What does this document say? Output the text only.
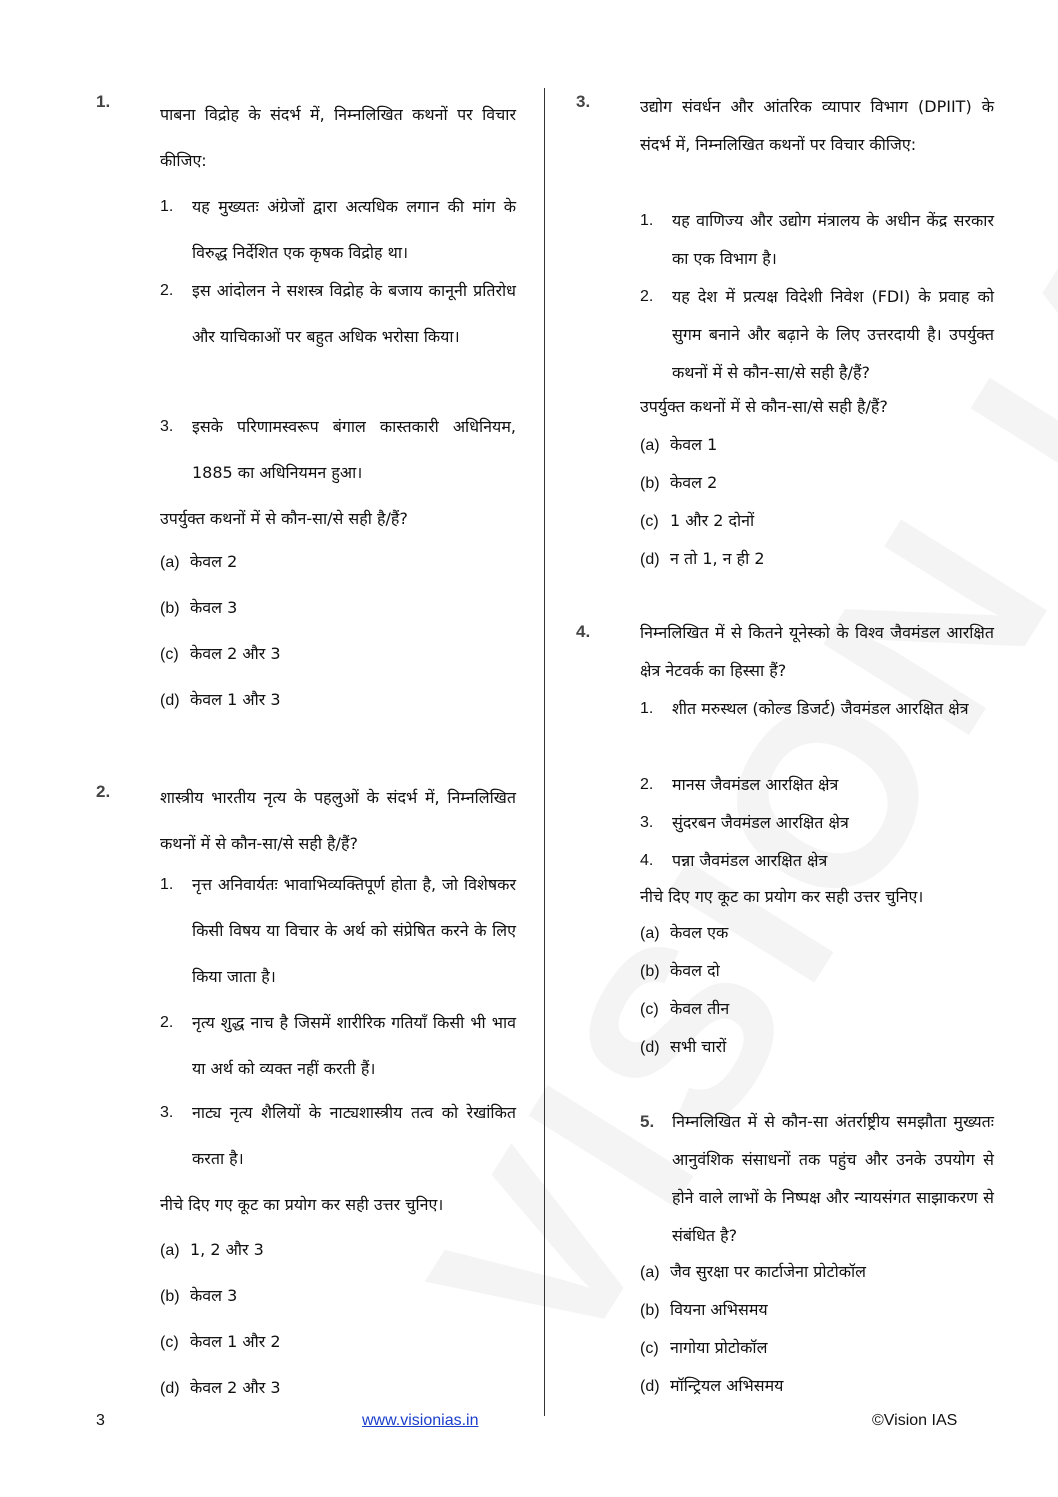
1.
पाबना विद्रोह के संदर्भ में, निम्नलिखित कथनों पर विचार कीजिए:
1. यह मुख्यतः अंग्रेजों द्वारा अत्यधिक लगान की मांग के विरुद्ध निर्देशित एक कृषक विद्रोह था।
2. इस आंदोलन ने सशस्त्र विद्रोह के बजाय कानूनी प्रतिरोध और याचिकाओं पर बहुत अधिक भरोसा किया।
3. इसके परिणामस्वरूप बंगाल कास्तकारी अधिनियम, 1885 का अधिनियमन हुआ।
उपर्युक्त कथनों में से कौन-सा/से सही है/हैं?
(a) केवल 2
(b) केवल 3
(c) केवल 2 और 3
(d) केवल 1 और 3
2.	शास्त्रीय भारतीय नृत्य के पहलुओं के संदर्भ में, निम्नलिखित कथनों में से कौन-सा/से सही है/हैं?
1. नृत्त अनिवार्यतः भावाभिव्यक्तिपूर्ण होता है, जो विशेषकर किसी विषय या विचार के अर्थ को संप्रेषित करने के लिए किया जाता है।
2. नृत्य शुद्ध नाच है जिसमें शारीरिक गतियाँ किसी भी भाव या अर्थ को व्यक्त नहीं करती हैं।
3. नाट्य नृत्य शैलियों के नाट्यशास्त्रीय तत्व को रेखांकित करता है।
नीचे दिए गए कूट का प्रयोग कर सही उत्तर चुनिए।
(a) 1, 2 और 3
(b) केवल 3
(c) केवल 1 और 2
(d) केवल 2 और 3
3.	उद्योग संवर्धन और आंतरिक व्यापार विभाग (DPIIT) के संदर्भ में, निम्नलिखित कथनों पर विचार कीजिए:
1. यह वाणिज्य और उद्योग मंत्रालय के अधीन केंद्र सरकार का एक विभाग है।
2. यह देश में प्रत्यक्ष विदेशी निवेश (FDI) के प्रवाह को सुगम बनाने और बढ़ाने के लिए उत्तरदायी है। उपर्युक्त कथनों में से कौन-सा/से सही है/हैं?
उपर्युक्त कथनों में से कौन-सा/से सही है/हैं?
(a) केवल 1
(b) केवल 2
(c) 1 और 2 दोनों
(d) न तो 1, न ही 2
4.	निम्नलिखित में से कितने यूनेस्को के विश्व जैवमंडल आरक्षित क्षेत्र नेटवर्क का हिस्सा हैं?
1. शीत मरुस्थल (कोल्ड डिजर्ट) जैवमंडल आरक्षित क्षेत्र
2. मानस जैवमंडल आरक्षित क्षेत्र
3. सुंदरबन जैवमंडल आरक्षित क्षेत्र
4. पन्ना जैवमंडल आरक्षित क्षेत्र
नीचे दिए गए कूट का प्रयोग कर सही उत्तर चुनिए।
(a) केवल एक
(b) केवल दो
(c) केवल तीन
(d) सभी चारों
5. निम्नलिखित में से कौन-सा अंतर्राष्ट्रीय समझौता मुख्यतः आनुवंशिक संसाधनों तक पहुंच और उनके उपयोग से होने वाले लाभों के निष्पक्ष और न्यायसंगत साझाकरण से संबंधित है?
(a) जैव सुरक्षा पर कार्टाजेना प्रोटोकॉल
(b) वियना अभिसमय
(c) नागोया प्रोटोकॉल
(d) मॉन्ट्रियल अभिसमय
3	www.visionias.in	©Vision IAS
